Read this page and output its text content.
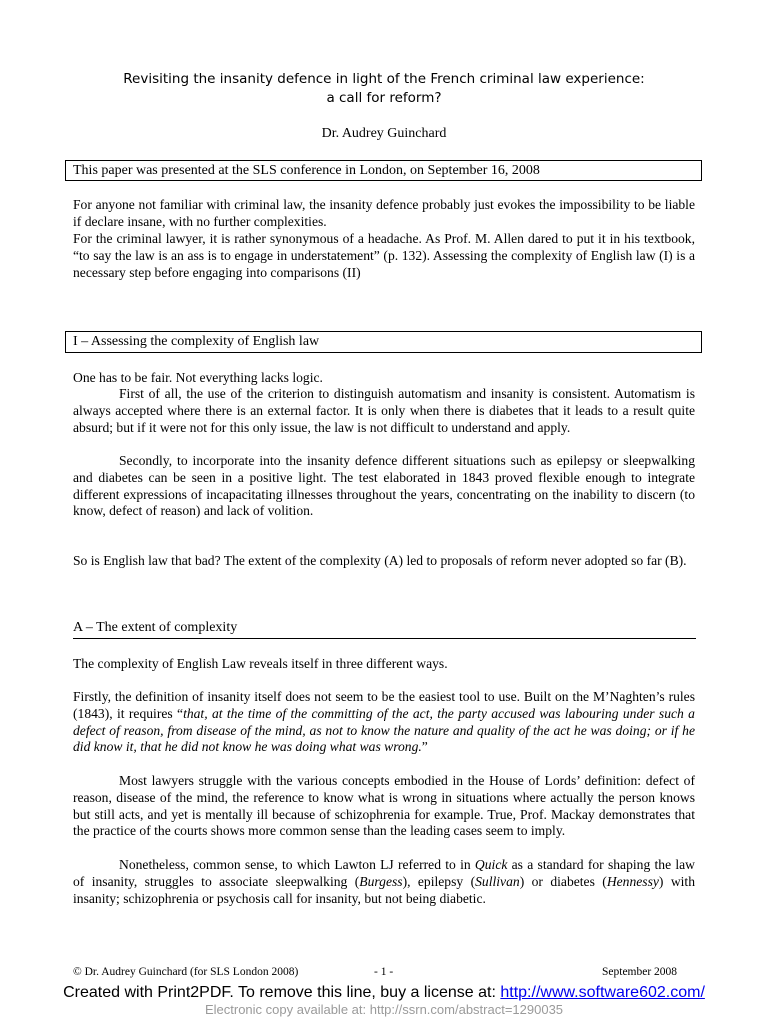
Revisiting the insanity defence in light of the French criminal law experience:
a call for reform?
Dr. Audrey Guinchard
This paper was presented at the SLS conference in London, on September 16, 2008

For anyone not familiar with criminal law, the insanity defence probably just evokes the impossibility to be liable if declare insane, with no further complexities.

For the criminal lawyer, it is rather synonymous of a headache. As Prof. M. Allen dared to put it in his textbook, “to say the law is an ass is to engage in understatement” (p. 132). Assessing the complexity of English law (I) is a necessary step before engaging into comparisons (II)

I – Assessing the complexity of English law

One has to be fair. Not everything lacks logic.

First of all, the use of the criterion to distinguish automatism and insanity is consistent. Automatism is always accepted where there is an external factor. It is only when there is diabetes that it leads to a result quite absurd; but if it were not for this only issue, the law is not difficult to understand and apply.

Secondly, to incorporate into the insanity defence different situations such as epilepsy or sleepwalking and diabetes can be seen in a positive light. The test elaborated in 1843 proved flexible enough to integrate different expressions of incapacitating illnesses throughout the years, concentrating on the inability to discern (to know, defect of reason) and lack of volition.

So is English law that bad? The extent of the complexity (A) led to proposals of reform never adopted so far (B).

A – The extent of complexity

The complexity of English Law reveals itself in three different ways.

Firstly, the definition of insanity itself does not seem to be the easiest tool to use. Built on the M’Naghten’s rules (1843), it requires “that, at the time of the committing of the act, the party accused was labouring under such a defect of reason, from disease of the mind, as not to know the nature and quality of the act he was doing; or if he did know it, that he did not know he was doing what was wrong.”

Most lawyers struggle with the various concepts embodied in the House of Lords’ definition: defect of reason, disease of the mind, the reference to know what is wrong in situations where actually the person knows but still acts, and yet is mentally ill because of schizophrenia for example. True, Prof. Mackay demonstrates that the practice of the courts shows more common sense than the leading cases seem to imply.

Nonetheless, common sense, to which Lawton LJ referred to in Quick as a standard for shaping the law of insanity, struggles to associate sleepwalking (Burgess), epilepsy (Sullivan) or diabetes (Hennessy) with insanity; schizophrenia or psychosis call for insanity, but not being diabetic.

© Dr. Audrey Guinchard (for SLS London 2008)	- 1 -	September 2008
Created with Print2PDF. To remove this line, buy a license at: http://www.software602.com/
Electronic copy available at: http://ssrn.com/abstract=1290035
